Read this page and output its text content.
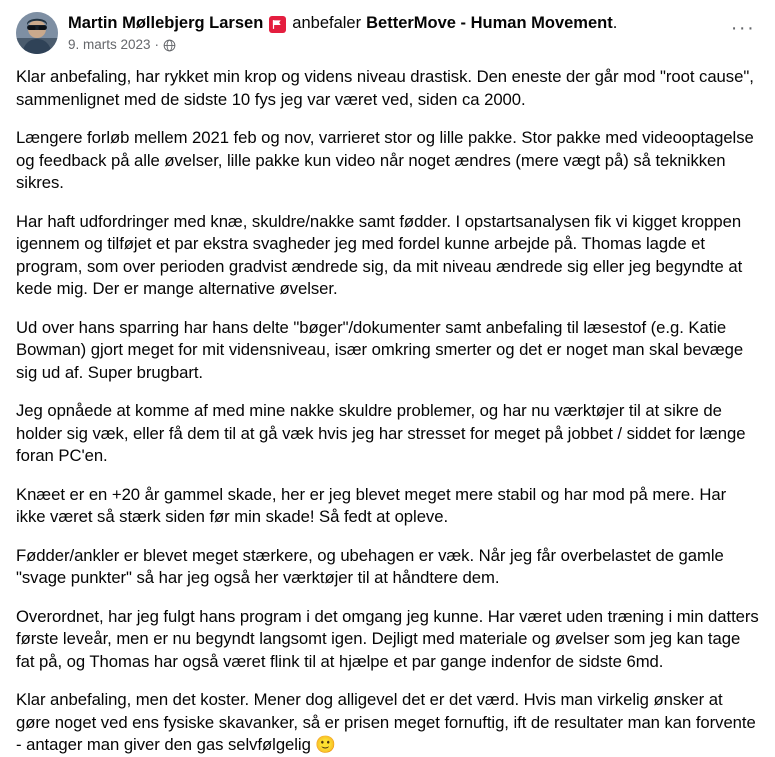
Martin Møllebjerg Larsen anbefaler BetterMove - Human Movement .
9. marts 2023 ·
···

Klar anbefaling, har rykket min krop og videns niveau drastisk. Den eneste der går mod "root cause", sammenlignet med de sidste 10 fys jeg var været ved, siden ca 2000.

Længere forløb mellem 2021 feb og nov, varrieret stor og lille pakke. Stor pakke med videooptagelse og feedback på alle øvelser, lille pakke kun video når noget ændres (mere vægt på) så teknikken sikres.

Har haft udfordringer med knæ, skuldre/nakke samt fødder. I opstartsanalysen fik vi kigget kroppen igennem og tilføjet et par ekstra svagheder jeg med fordel kunne arbejde på. Thomas lagde et program, som over perioden gradvist ændrede sig, da mit niveau ændrede sig eller jeg begyndte at kede mig. Der er mange alternative øvelser.

Ud over hans sparring har hans delte "bøger"/dokumenter samt anbefaling til læsestof (e.g. Katie Bowman) gjort meget for mit vidensniveau, især omkring smerter og det er noget man skal bevæge sig ud af. Super brugbart.

Jeg opnåede at komme af med mine nakke skuldre problemer, og har nu værktøjer til at sikre de holder sig væk, eller få dem til at gå væk hvis jeg har stresset for meget på jobbet / siddet for længe foran PC'en.

Knæet er en +20 år gammel skade, her er jeg blevet meget mere stabil og har mod på mere. Har ikke været så stærk siden før min skade! Så fedt at opleve.

Fødder/ankler er blevet meget stærkere, og ubehagen er væk. Når jeg får overbelastet de gamle "svage punkter" så har jeg også her værktøjer til at håndtere dem.

Overordnet, har jeg fulgt hans program i det omgang jeg kunne. Har været uden træning i min datters første leveår, men er nu begyndt langsomt igen. Dejligt med materiale og øvelser som jeg kan tage fat på, og Thomas har også været flink til at hjælpe et par gange indenfor de sidste 6md.

Klar anbefaling, men det koster. Mener dog alligevel det er det værd. Hvis man virkelig ønsker at gøre noget ved ens fysiske skavanker, så er prisen meget fornuftig, ift de resultater man kan forvente - antager man giver den gas selvfølgelig 🙂
